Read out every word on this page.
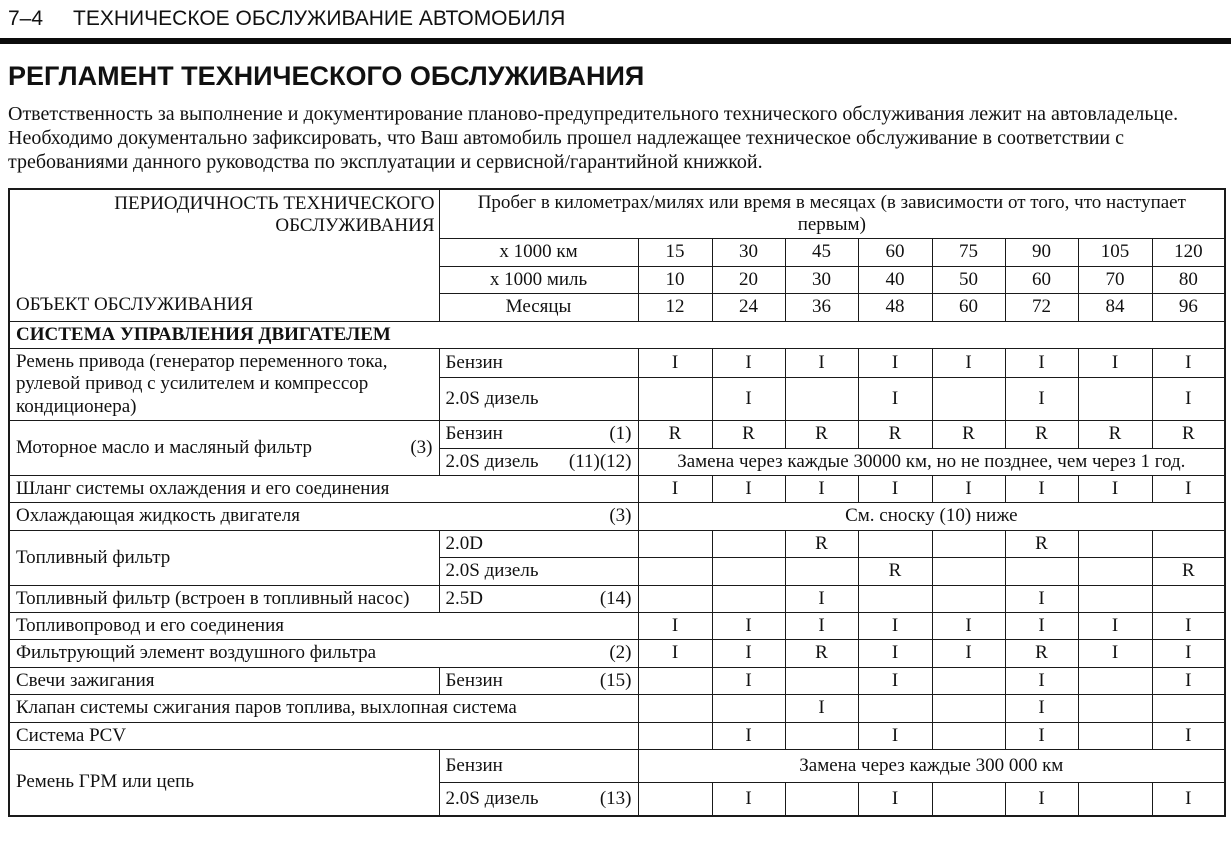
7–4 ТЕХНИЧЕСКОЕ ОБСЛУЖИВАНИЕ АВТОМОБИЛЯ
РЕГЛАМЕНТ ТЕХНИЧЕСКОГО ОБСЛУЖИВАНИЯ

Ответственность за выполнение и документирование планово-предупредительного технического обслуживания лежит на автовладельце. Необходимо документально зафиксировать, что Ваш автомобиль прошел надлежащее техническое обслуживание в соответствии с требованиями данного руководства по эксплуатации и сервисной/гарантийной книжкой.

ПЕРИОДИЧНОСТЬ ТЕХНИЧЕСКОГО ОБСЛУЖИВАНИЯ
ОБЪЕКТ ОБСЛУЖИВАНИЯ	Пробег в километрах/милях или время в месяцах (в зависимости от того, что наступает первым)								
	х 1000 км	15	30	45	60	75	90	105	120
	х 1000 миль	10	20	30	40	50	60	70	80
	Месяцы	12	24	36	48	60	72	84	96
СИСТЕМА УПРАВЛЕНИЯ ДВИГАТЕЛЕМ									
Ремень привода (генератор переменного тока, рулевой привод с усилителем и компрессор кондиционера)	Бензин	I	I	I	I	I	I	I	I
	2.0S дизель		I		I		I		I

Моторное масло и масляный фильтр (3)	Бензин (1)	R	R	R	R	R	R	R	R

	2.0S дизель (11)(12)	Замена через каждые 30000 км, но не позднее, чем через 1 год.							
Шланг системы охлаждения и его соединения		I	I	I	I	I	I	I	I

Охлаждающая жидкость двигателя (3)		См. сноску (10) ниже							
Топливный фильтр	2.0D			R			R		
	2.0S дизель				R				R
Топливный фильтр (встроен в топливный насос)	2.5D (14)			I			I		
Топливопровод и его соединения		I	I	I	I	I	I	I	I

Фильтрующий элемент воздушного фильтра (2)		I	I	R	I	I	R	I	I
Свечи зажигания	Бензин (15)		I		I		I		I
Клапан системы сжигания паров топлива, выхлопная система				I			I		
Система PCV			I		I		I		I
Ремень ГРМ или цепь	Бензин	Замена через каждые 300 000 км							

	2.0S дизель (13)		I		I		I		I
